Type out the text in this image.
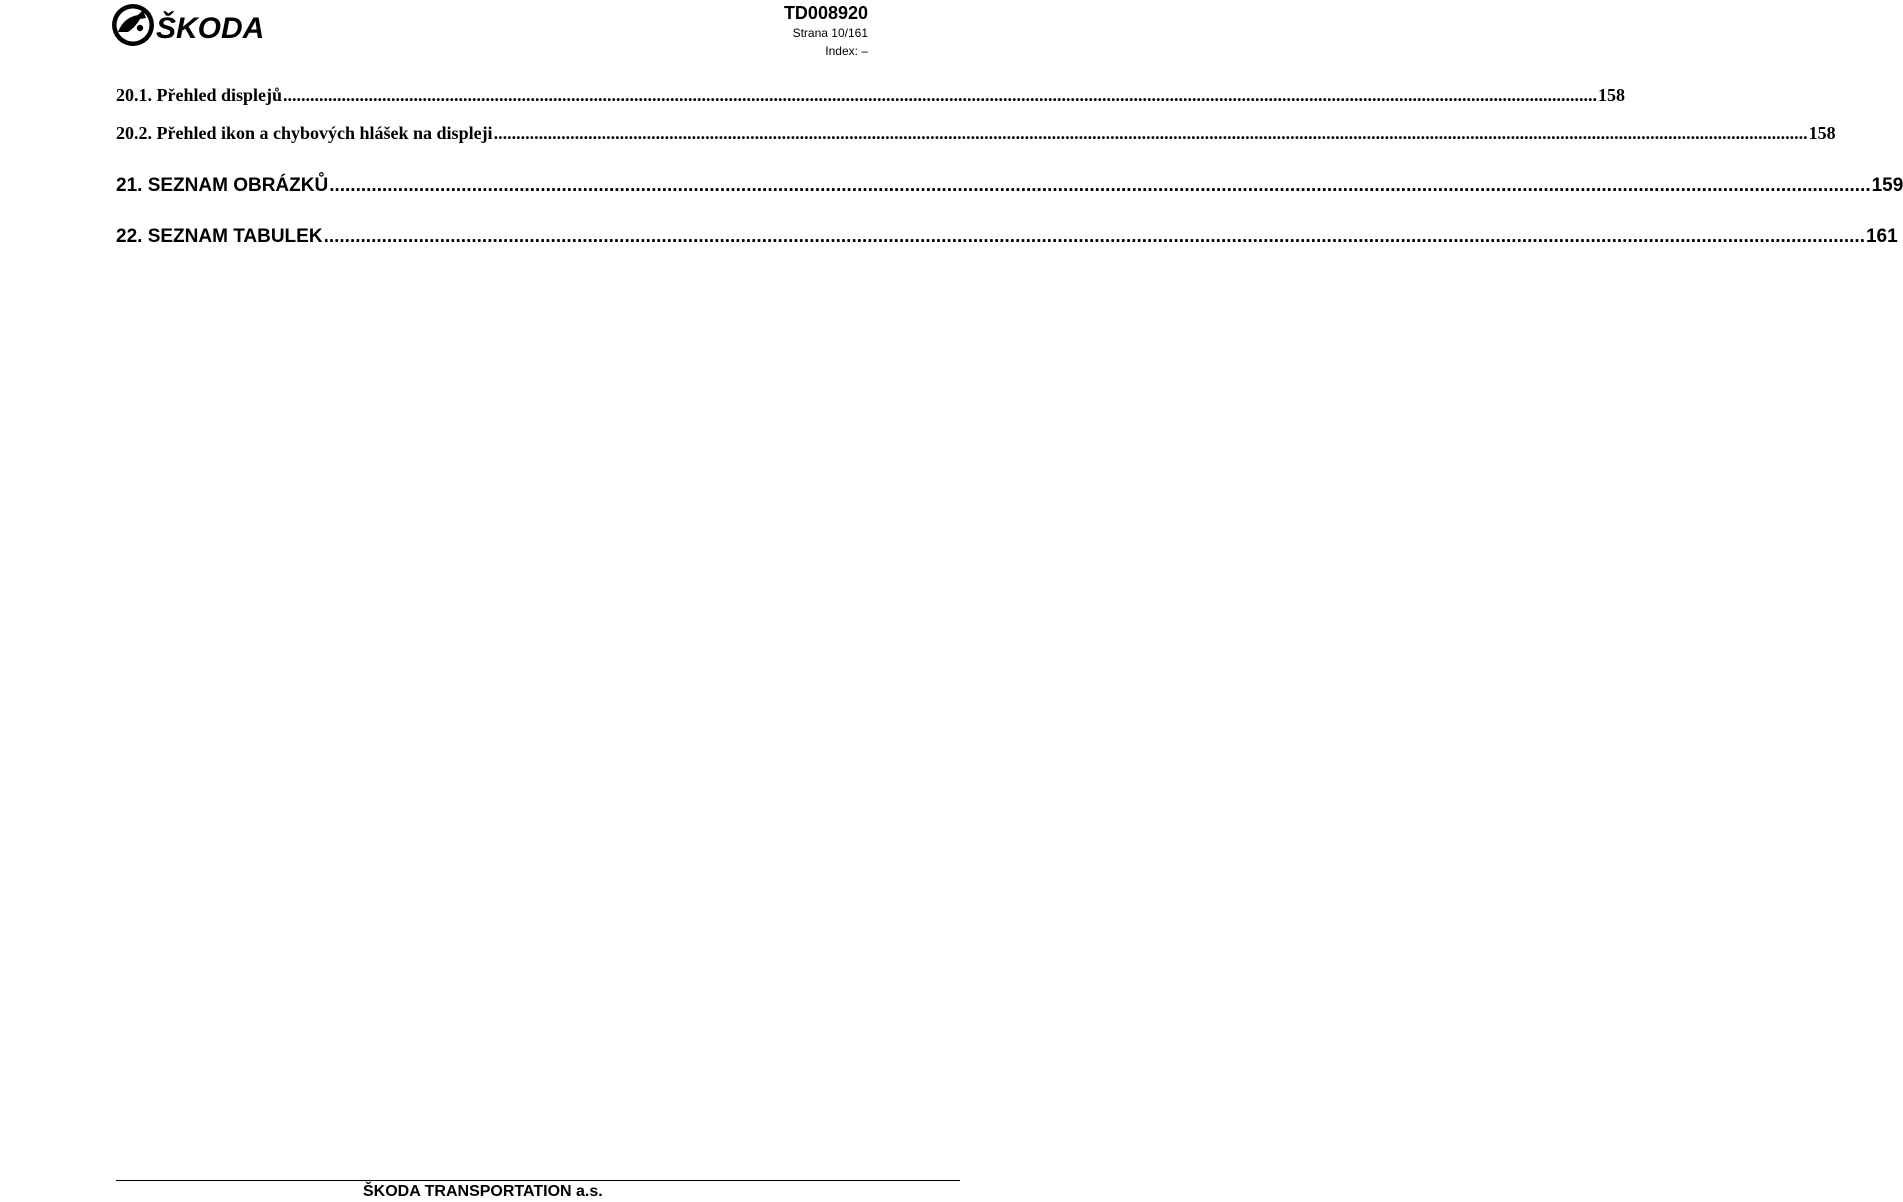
ŠKODA	TD008920
Strana 10/161
Index: –
20.1. Přehled displejů .....	158
20.2. Přehled ikon a chybových hlášek na displeji .....	158
21. SEZNAM OBRÁZKŮ .....	159
22. SEZNAM TABULEK .....	161
ŠKODA TRANSPORTATION a.s.
